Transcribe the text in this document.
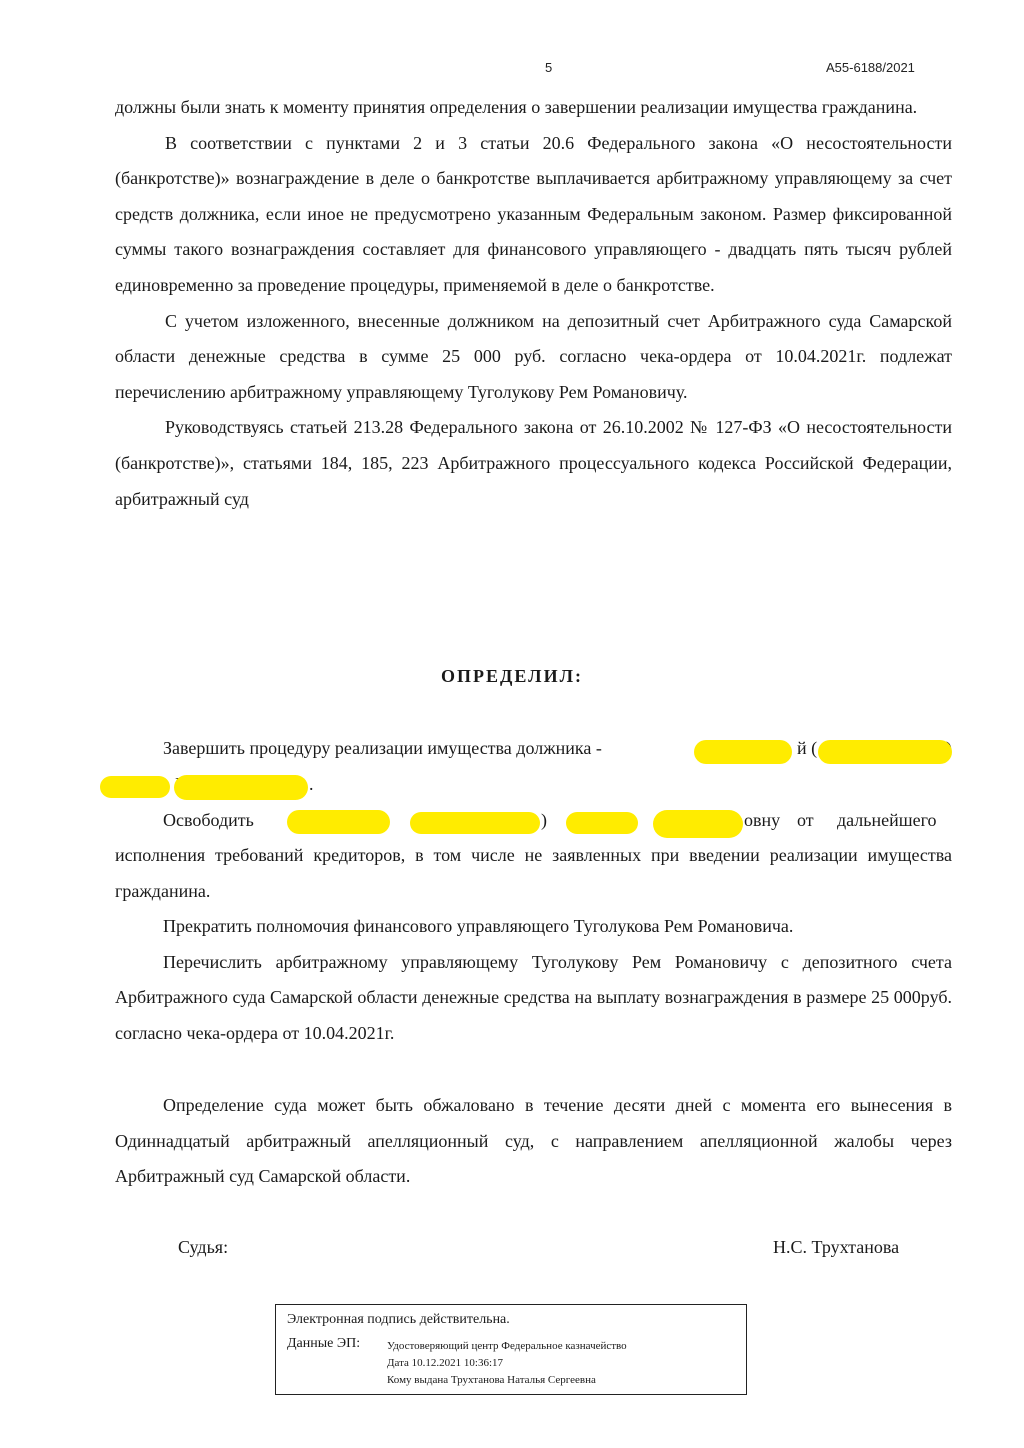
5	А55-6188/2021

должны были знать к моменту принятия определения о завершении реализации имущества гражданина.

В соответствии с пунктами 2 и 3 статьи 20.6 Федерального закона «О несостоятельности (банкротстве)» вознаграждение в деле о банкротстве выплачивается арбитражному управляющему за счет средств должника, если иное не предусмотрено указанным Федеральным законом. Размер фиксированной суммы такого вознаграждения составляет для финансового управляющего - двадцать пять тысяч рублей единовременно за проведение процедуры, применяемой в деле о банкротстве.

С учетом изложенного, внесенные должником на депозитный счет Арбитражного суда Самарской области денежные средства в сумме 25 000 руб. согласно чека-ордера от 10.04.2021г. подлежат перечислению арбитражному управляющему Туголукову Рем Романовичу.

Руководствуясь статьей 213.28 Федерального закона от 26.10.2002 № 127-ФЗ «О несостоятельности (банкротстве)», статьями 184, 185, 223 Арбитражного процессуального кодекса Российской Федерации, арбитражный суд

ОПРЕДЕЛИЛ:
Завершить процедуру реализации имущества должника -	й (
.
Освободить	)	овну от дальнейшего

исполнения требований кредиторов, в том числе не заявленных при введении реализации имущества гражданина.

Прекратить полномочия финансового управляющего Туголукова Рем Романовича.

Перечислить арбитражному управляющему Туголукову Рем Романовичу с депозитного счета Арбитражного суда Самарской области денежные средства на выплату вознаграждения в размере 25 000руб. согласно чека-ордера от 10.04.2021г.

Определение суда может быть обжаловано в течение десяти дней с момента его вынесения в Одиннадцатый арбитражный апелляционный суд, с направлением апелляционной жалобы через Арбитражный суд Самарской области.

Судья:	Н.С. Трухтанова
Электронная подпись действительна.
Данные ЭП: Удостоверяющий центр Федеральное казначейство
Дата 10.12.2021 10:36:17
Кому выдана Трухтанова Наталья Сергеевна
